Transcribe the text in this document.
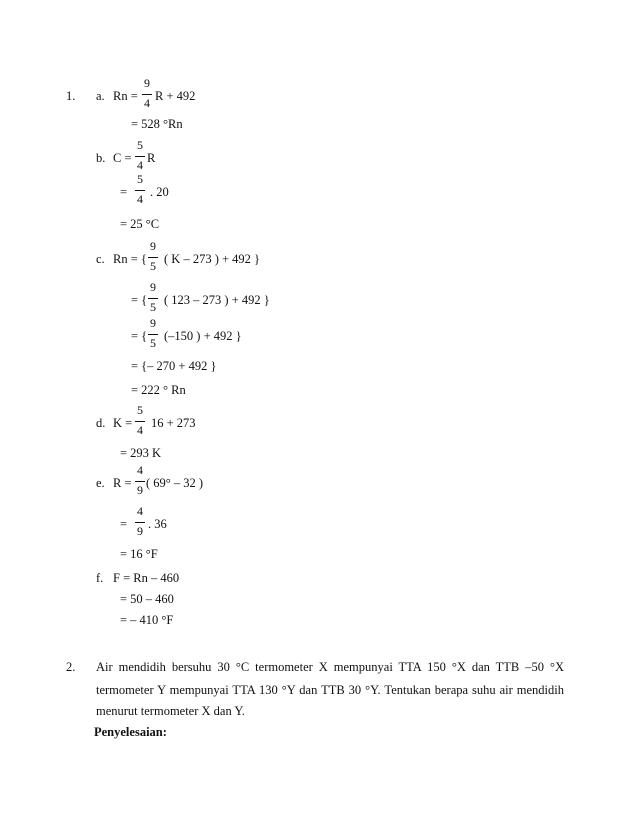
1. a. Rn =
9
4 R + 492
= 528 °Rn
b. C =
5
4 R
=
5
4 . 20
= 25 °C
c. Rn = {
9
5 ( K – 273 ) + 492 }
= {
9
5 ( 123 – 273 ) + 492 }
= {
9
5 (–150 ) + 492 }
= {– 270 + 492 }
= 222 ° Rn
d. K =
5
4 16 + 273
= 293 K
e. R =
4
9 ( 69° – 32 )
=
4
9 . 36
= 16 °F
f. F = Rn – 460
= 50 – 460
= – 410 °F
2. Air mendidih bersuhu 30 °C termometer X mempunyai TTA 150 °X dan TTB –50 °X
termometer Y mempunyai TTA 130 °Y dan TTB 30 °Y. Tentukan berapa suhu air mendidih
menurut termometer X dan Y.
Penyelesaian:
